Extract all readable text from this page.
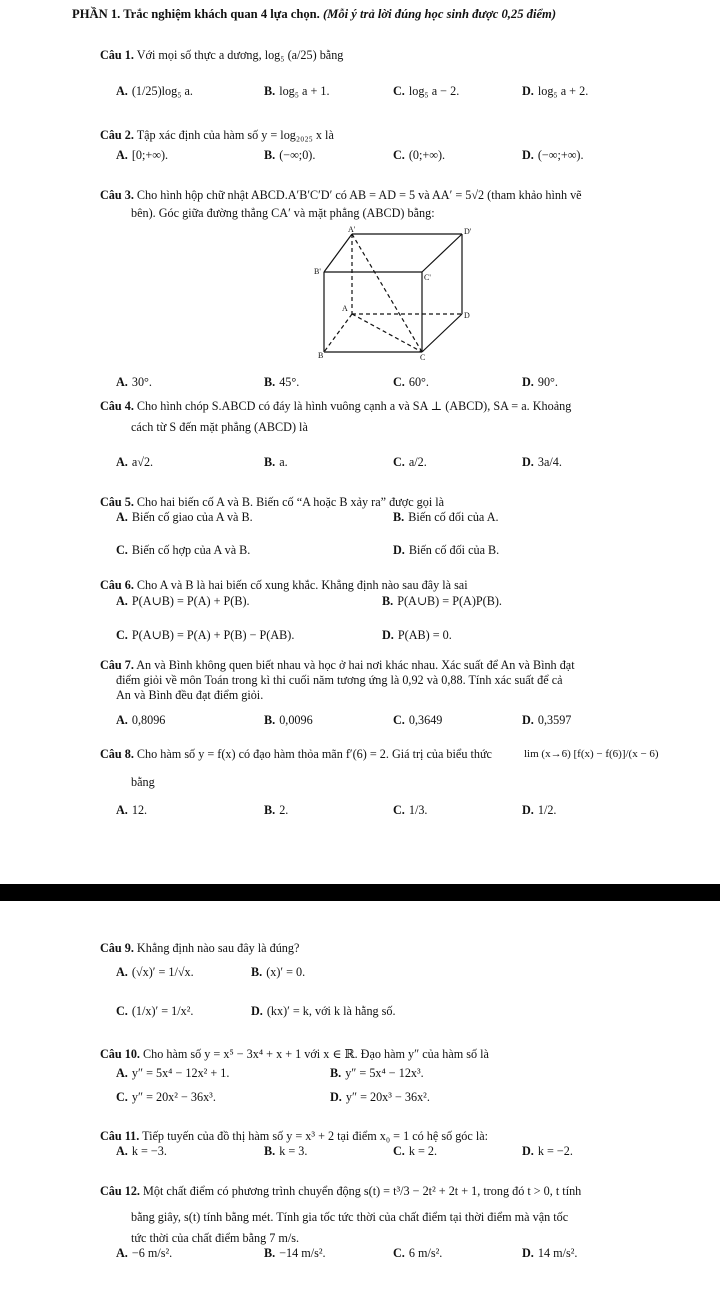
PHẦN 1. Trắc nghiệm khách quan 4 lựa chọn. (Mỗi ý trả lời đúng học sinh được 0,25 điểm)
Câu 1. Với mọi số thực a dương, log₅ (a/25) bằng
A. (1/25)log₅ a.	B. log₅ a + 1.	C. log₅ a − 2.	D. log₅ a + 2.
Câu 2. Tập xác định của hàm số y = log₂₀₂₅ x là
A. [0;+∞).	B. (−∞;0).	C. (0;+∞).	D. (−∞;+∞).
Câu 3. Cho hình hộp chữ nhật ABCD.A′B′C′D′ có AB = AD = 5 và AA′ = 5√2 (tham khảo hình vẽ
bên). Góc giữa đường thẳng CA′ và mặt phẳng (ABCD) bằng:
A'	D'
B'
C'
A
D
B	C
A. 30°.	B. 45°.	C. 60°.	D. 90°.
Câu 4. Cho hình chóp S.ABCD có đáy là hình vuông cạnh a và SA ⊥ (ABCD), SA = a. Khoảng
cách từ S đến mặt phẳng (ABCD) là
A. a√2.	B. a.	C. a/2.	D. 3a/4.
Câu 5. Cho hai biến cố A và B. Biến cố “A hoặc B xảy ra” được gọi là
A. Biến cố giao của A và B.	B. Biến cố đối của A.
C. Biến cố hợp của A và B.	D. Biến cố đối của B.
Câu 6. Cho A và B là hai biến cố xung khắc. Khẳng định nào sau đây là sai
A. P(A∪B) = P(A) + P(B).	B. P(A∪B) = P(A)P(B).
C. P(A∪B) = P(A) + P(B) − P(AB).	D. P(AB) = 0.
Câu 7. An và Bình không quen biết nhau và học ở hai nơi khác nhau. Xác suất để An và Bình đạt
điểm giỏi về môn Toán trong kì thi cuối năm tương ứng là 0,92 và 0,88. Tính xác suất để cả
An và Bình đều đạt điểm giỏi.
A. 0,8096	B. 0,0096	C. 0,3649	D. 0,3597
Câu 8. Cho hàm số y = f(x) có đạo hàm thỏa mãn f′(6) = 2. Giá trị của biểu thức	lim (x→6) [f(x) − f(6)]/(x − 6)
bằng
A. 12.	B. 2.	C. 1/3.	D. 1/2.
Câu 9. Khẳng định nào sau đây là đúng?
A. (√x)′ = 1/√x.	B. (x)′ = 0.
C. (1/x)′ = 1/x².	D. (kx)′ = k, với k là hằng số.
Câu 10. Cho hàm số y = x⁵ − 3x⁴ + x + 1 với x ∈ ℝ. Đạo hàm y″ của hàm số là
A. y″ = 5x⁴ − 12x² + 1.	B. y″ = 5x⁴ − 12x³.
C. y″ = 20x² − 36x³.	D. y″ = 20x³ − 36x².
Câu 11. Tiếp tuyến của đồ thị hàm số y = x³ + 2 tại điểm x₀ = 1 có hệ số góc là:
A. k = −3.	B. k = 3.	C. k = 2.	D. k = −2.
Câu 12. Một chất điểm có phương trình chuyển động s(t) = t³/3 − 2t² + 2t + 1, trong đó t > 0, t tính
bằng giây, s(t) tính bằng mét. Tính gia tốc tức thời của chất điểm tại thời điểm mà vận tốc
tức thời của chất điểm bằng 7 m/s.
A. −6 m/s².	B. −14 m/s².	C. 6 m/s².	D. 14 m/s².
